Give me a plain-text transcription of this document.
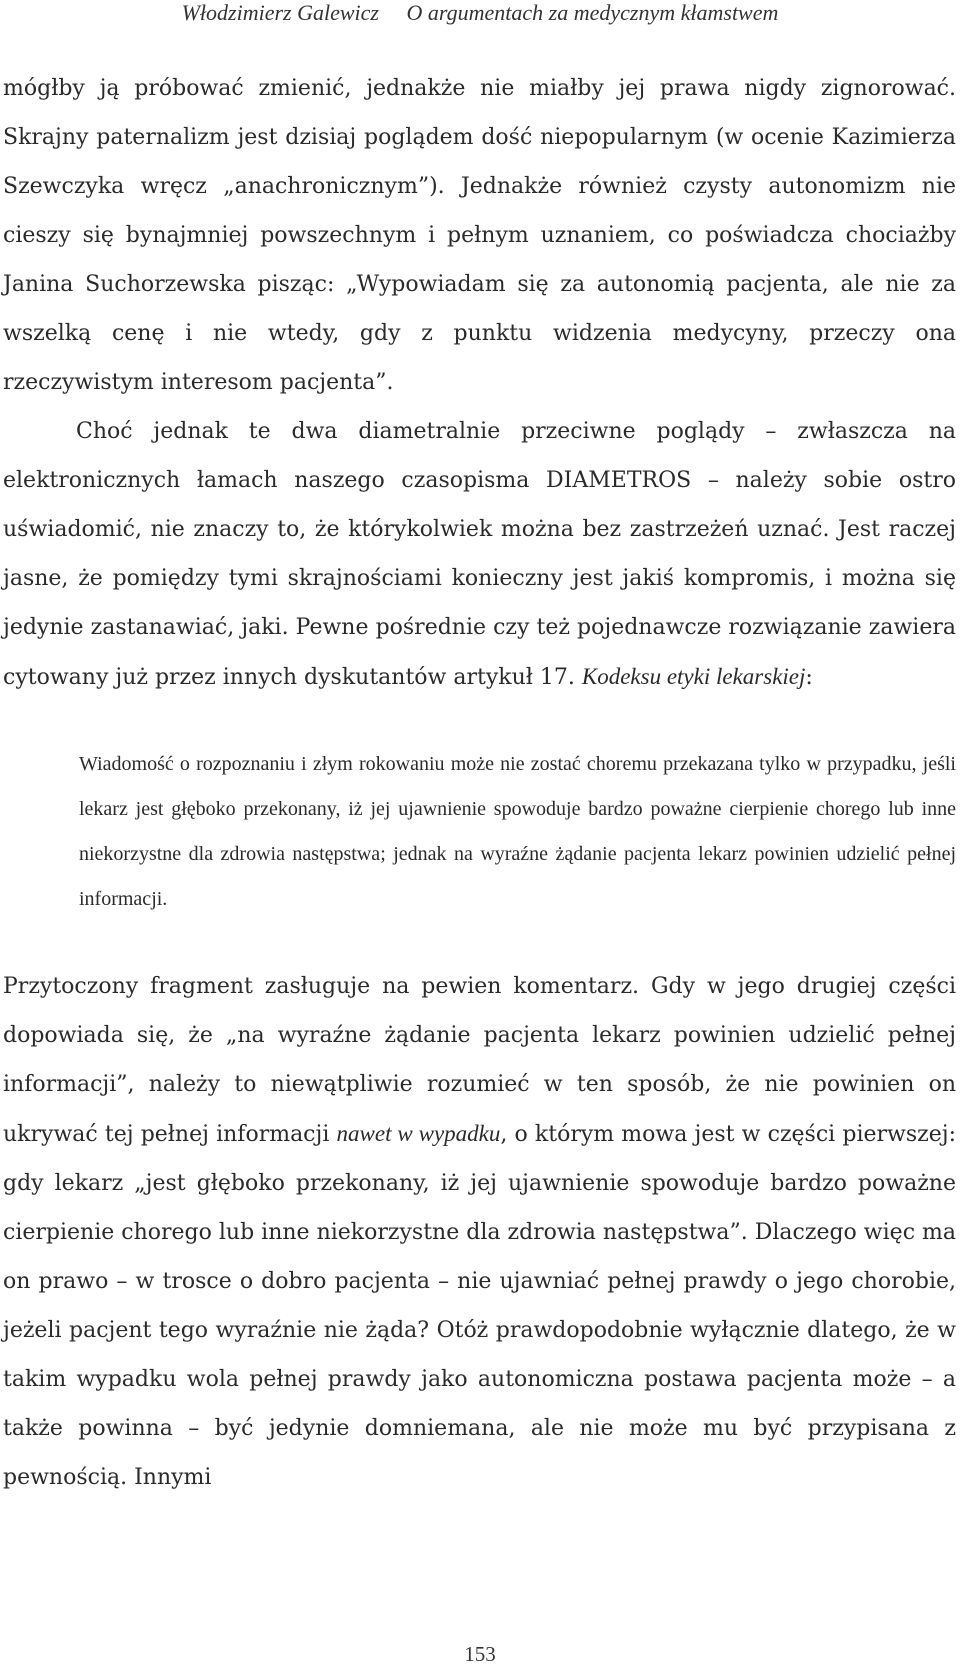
Włodzimierz Galewicz O argumentach za medycznym kłamstwem

mógłby ją próbować zmienić, jednakże nie miałby jej prawa nigdy zignorować. Skrajny paternalizm jest dzisiaj poglądem dość niepopularnym (w ocenie Kazimierza Szewczyka wręcz „anachronicznym”). Jednakże również czysty autonomizm nie cieszy się bynajmniej powszechnym i pełnym uznaniem, co poświadcza chociażby Janina Suchorzewska pisząc: „Wypowiadam się za autonomią pacjenta, ale nie za wszelką cenę i nie wtedy, gdy z punktu widzenia medycyny, przeczy ona rzeczywistym interesom pacjenta”.

Choć jednak te dwa diametralnie przeciwne poglądy – zwłaszcza na elektronicznych łamach naszego czasopisma DIAMETROS – należy sobie ostro uświadomić, nie znaczy to, że którykolwiek można bez zastrzeżeń uznać. Jest raczej jasne, że pomiędzy tymi skrajnościami konieczny jest jakiś kompromis, i można się jedynie zastanawiać, jaki. Pewne pośrednie czy też pojednawcze rozwiązanie zawiera cytowany już przez innych dyskutantów artykuł 17. Kodeksu etyki lekarskiej:

Wiadomość o rozpoznaniu i złym rokowaniu może nie zostać choremu przekazana tylko w przypadku, jeśli lekarz jest głęboko przekonany, iż jej ujawnienie spowoduje bardzo poważne cierpienie chorego lub inne niekorzystne dla zdrowia następstwa; jednak na wyraźne żądanie pacjenta lekarz powinien udzielić pełnej informacji.

Przytoczony fragment zasługuje na pewien komentarz. Gdy w jego drugiej części dopowiada się, że „na wyraźne żądanie pacjenta lekarz powinien udzielić pełnej informacji”, należy to niewątpliwie rozumieć w ten sposób, że nie powinien on ukrywać tej pełnej informacji nawet w wypadku, o którym mowa jest w części pierwszej: gdy lekarz „jest głęboko przekonany, iż jej ujawnienie spowoduje bardzo poważne cierpienie chorego lub inne niekorzystne dla zdrowia następstwa”. Dlaczego więc ma on prawo – w trosce o dobro pacjenta – nie ujawniać pełnej prawdy o jego chorobie, jeżeli pacjent tego wyraźnie nie żąda? Otóż prawdopodobnie wyłącznie dlatego, że w takim wypadku wola pełnej prawdy jako autonomiczna postawa pacjenta może – a także powinna – być jedynie domniemana, ale nie może mu być przypisana z pewnością. Innymi

153
